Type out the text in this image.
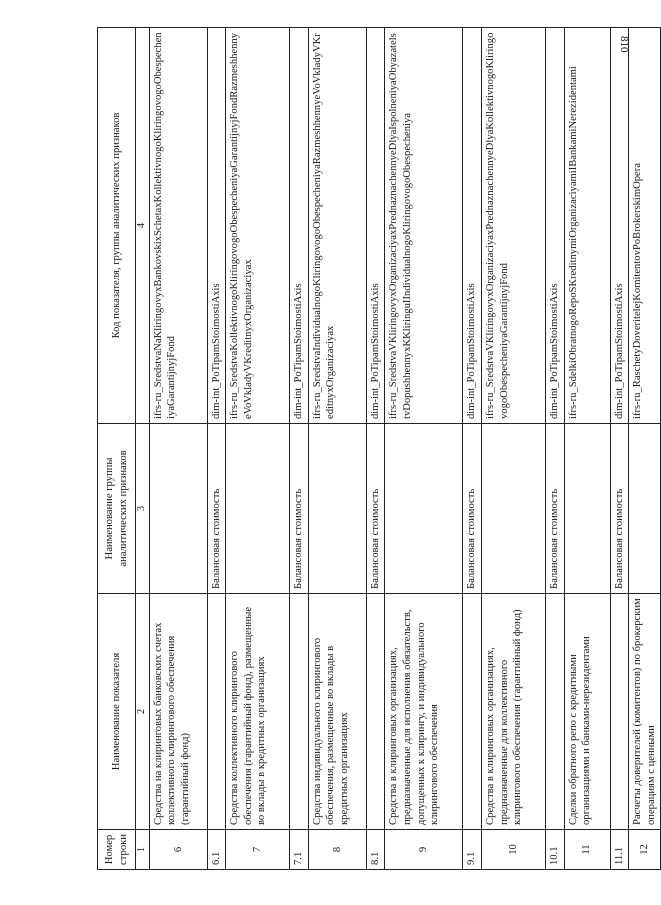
810
Номер строки	Наименование показателя	Наименование группы аналитических признаков	Код показателя, группы аналитических признаков
1	2	3	4
6	Средства на клиринговых банковских счетах коллективного клирингового обеспечения (гарантийный фонд)		ifrs-ru_SredstvaNaKliringovyxBankovskixSchetaxKollektivnogoKliringovogoObespecheniyaGarantijnyjFond
6.1		Балансовая стоимость	dim-int_PoTipamStoimostiAxis
7	Средства коллективного клирингового обеспечения (гарантийный фонд), размещенные во вклады в кредитных организациях		ifrs-ru_SredstvaKollektivnogoKliringovogoObespecheniyaGarantijnyjFondRazmeshhennyeVoVkladyVKreditnyxOrganizaciyax
7.1		Балансовая стоимость	dim-int_PoTipamStoimostiAxis
8	Средства индивидуального клирингового обеспечения, размещенные во вклады в кредитных организациях		ifrs-ru_SredstvaIndividualnogoKliringovogoObespecheniyaRazmeshhennyeVoVkladyVKreditnyxOrganizaciyax
8.1		Балансовая стоимость	dim-int_PoTipamStoimostiAxis
9	Средства в клиринговых организациях, предназначенные для исполнения обязательств, допущенных к клирингу, и индивидуального клирингового обеспечения		ifrs-ru_SredstvaVKliringovyxOrganizaciyaxPrednaznachennyeDlyaIspolneniyaObyazatelstvDopushhennyxKKliringuIIndividualnogoKliringovogoObespecheniya
9.1		Балансовая стоимость	dim-int_PoTipamStoimostiAxis
10	Средства в клиринговых организациях, предназначенные для коллективного клирингового обеспечения (гарантийный фонд)		ifrs-ru_SredstvaVKliringovyxOrganizaciyaxPrednaznachennyeDlyaKollektivnogoKliringovogoObespecheniyaGarantijnyjFond
10.1		Балансовая стоимость	dim-int_PoTipamStoimostiAxis
11	Сделки обратного репо с кредитными организациями и банками-нерезидентами		ifrs-ru_SdelkiObratnogoRepoSKreditnymiOrganizaciyamiIBankamiNerezidentami
11.1		Балансовая стоимость	dim-int_PoTipamStoimostiAxis
12	Расчеты доверителей (комитентов) по брокерским операциям с ценными		ifrs-ru_RaschetyDoveritelejKomitentovPoBrokerskimOpera
